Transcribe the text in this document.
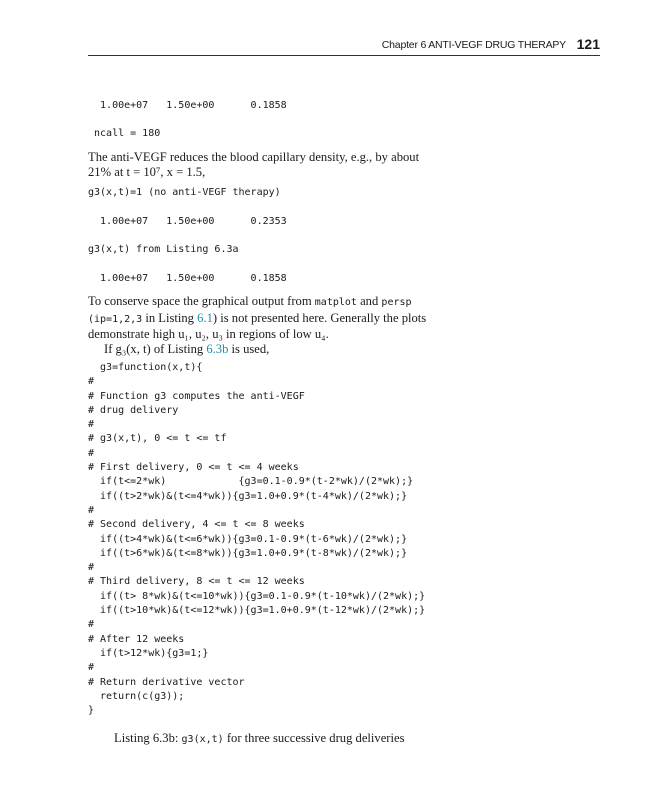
Chapter 6 ANTI-VEGF DRUG THERAPY 121
1.00e+07   1.50e+00      0.1858
ncall = 180

The anti-VEGF reduces the blood capillary density, e.g., by about
21% at t = 10⁷, x = 1.5,

g3(x,t)=1 (no anti-VEGF therapy)
1.00e+07   1.50e+00      0.2353
g3(x,t) from Listing 6.3a
1.00e+07   1.50e+00      0.1858

To conserve space the graphical output from matplot and persp
(ip=1,2,3 in Listing 6.1) is not presented here. Generally the plots
demonstrate high u₁, u₂, u₃ in regions of low u₄.
If g₃(x, t) of Listing 6.3b is used,

g3=function(x,t){
#
# Function g3 computes the anti-VEGF
# drug delivery
#
# g3(x,t), 0 <= t <= tf
#
# First delivery, 0 <= t <= 4 weeks
if(t<=2*wk)            {g3=0.1-0.9*(t-2*wk)/(2*wk);}
if((t>2*wk)&(t<=4*wk)){g3=1.0+0.9*(t-4*wk)/(2*wk);}
#
# Second delivery, 4 <= t <= 8 weeks
if((t>4*wk)&(t<=6*wk)){g3=0.1-0.9*(t-6*wk)/(2*wk);}
if((t>6*wk)&(t<=8*wk)){g3=1.0+0.9*(t-8*wk)/(2*wk);}
#
# Third delivery, 8 <= t <= 12 weeks
if((t> 8*wk)&(t<=10*wk)){g3=0.1-0.9*(t-10*wk)/(2*wk);}
if((t>10*wk)&(t<=12*wk)){g3=1.0+0.9*(t-12*wk)/(2*wk);}
#
# After 12 weeks
if(t>12*wk){g3=1;}
#
# Return derivative vector
return(c(g3));
}
Listing 6.3b: g3(x,t) for three successive drug deliveries
